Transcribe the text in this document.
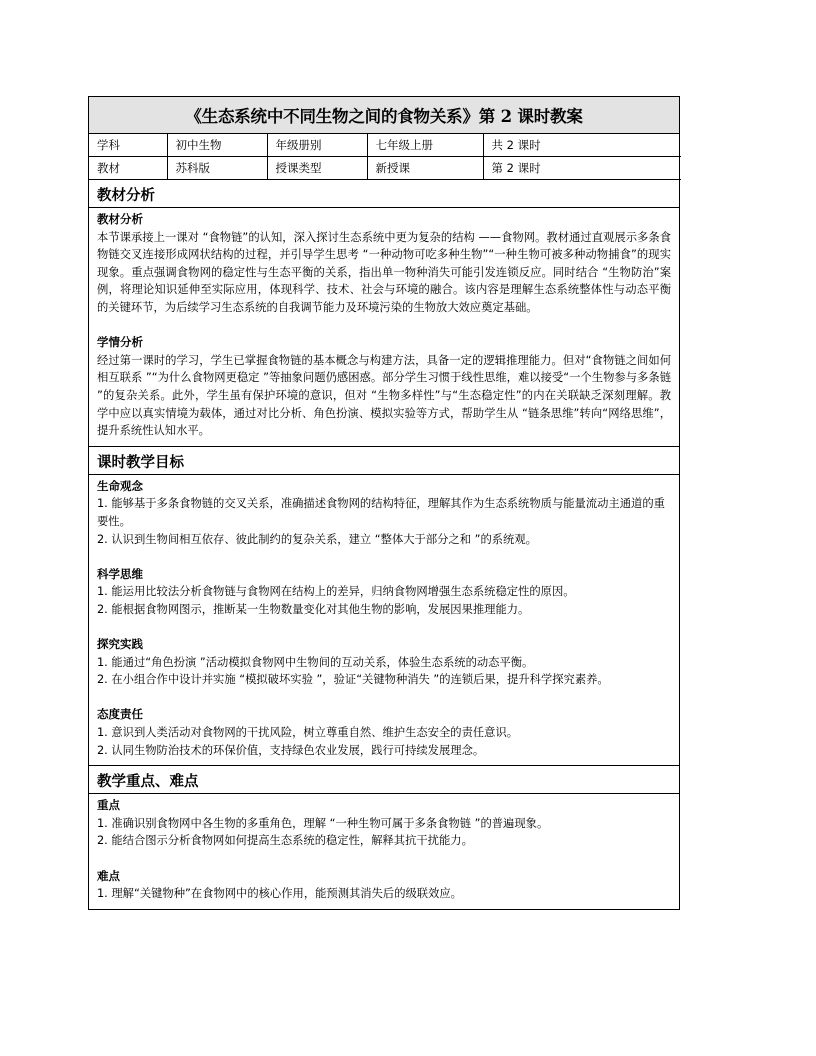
《生态系统中不同生物之间的食物关系》第 2 课时教案
学科	初中生物	年级册别	七年级上册	共 2 课时
教材	苏科版	授课类型	新授课	第 2 课时
教材分析
教材分析
本节课承接上一课对 “食物链”的认知，深入探讨生态系统中更为复杂的结构 ——食物网。教材通过直观展示多条食物链交叉连接形成网状结构的过程，并引导学生思考 “一种动物可吃多种生物”“一种生物可被多种动物捕食”的现实现象。重点强调食物网的稳定性与生态平衡的关系，指出单一物种消失可能引发连锁反应。同时结合 “生物防治”案例，将理论知识延伸至实际应用，体现科学、技术、社会与环境的融合。该内容是理解生态系统整体性与动态平衡的关键环节，为后续学习生态系统的自我调节能力及环境污染的生物放大效应奠定基础。
学情分析
经过第一课时的学习，学生已掌握食物链的基本概念与构建方法，具备一定的逻辑推理能力。但对“食物链之间如何相互联系 ”“为什么食物网更稳定 ”等抽象问题仍感困惑。部分学生习惯于线性思维，难以接受“一个生物参与多条链 ”的复杂关系。此外，学生虽有保护环境的意识，但对 “生物多样性”与“生态稳定性”的内在关联缺乏深刻理解。教学中应以真实情境为载体，通过对比分析、角色扮演、模拟实验等方式，帮助学生从 “链条思维”转向“网络思维”，提升系统性认知水平。
课时教学目标
生命观念
1. 能够基于多条食物链的交叉关系，准确描述食物网的结构特征，理解其作为生态系统物质与能量流动主通道的重要性。
2. 认识到生物间相互依存、彼此制约的复杂关系，建立 “整体大于部分之和 ”的系统观。
科学思维
1. 能运用比较法分析食物链与食物网在结构上的差异，归纳食物网增强生态系统稳定性的原因。
2. 能根据食物网图示，推断某一生物数量变化对其他生物的影响，发展因果推理能力。
探究实践
1. 能通过“角色扮演 ”活动模拟食物网中生物间的互动关系，体验生态系统的动态平衡。
2. 在小组合作中设计并实施 “模拟破坏实验 ”，验证“关键物种消失 ”的连锁后果，提升科学探究素养。
态度责任
1. 意识到人类活动对食物网的干扰风险，树立尊重自然、维护生态安全的责任意识。
2. 认同生物防治技术的环保价值，支持绿色农业发展，践行可持续发展理念。
教学重点、难点
重点
1. 准确识别食物网中各生物的多重角色，理解 “一种生物可属于多条食物链 ”的普遍现象。
2. 能结合图示分析食物网如何提高生态系统的稳定性，解释其抗干扰能力。
难点
1. 理解“关键物种”在食物网中的核心作用，能预测其消失后的级联效应。
